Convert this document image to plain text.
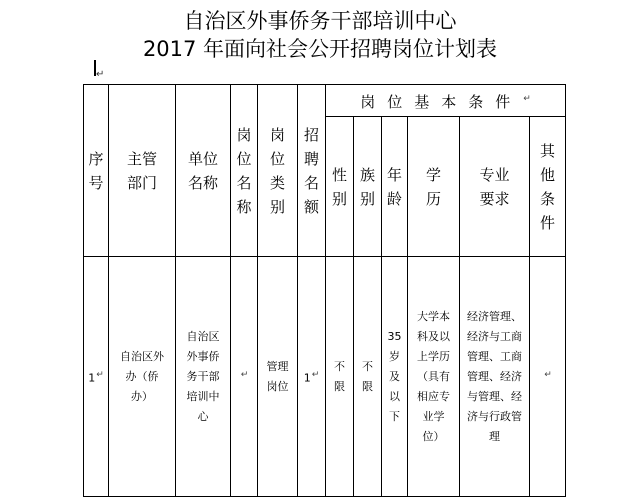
自治区外事侨务干部培训中心
2017 年面向社会公开招聘岗位计划表
↵
序号	主管部门	单位名称	岗位名称	岗位类别	招聘名额	岗位基本条件↵
						性别	族别	年龄	学历	专业要求	其他条件
1↵	自治区外办（侨办）	自治区外事侨务干部培训中心	↵	管理岗位	1↵	不限	不限	35岁及以下	大学本科及以上学历（具有相应专业学位）	经济管理、经济与工商管理、工商管理、经济与管理、经济与行政管理	↵
